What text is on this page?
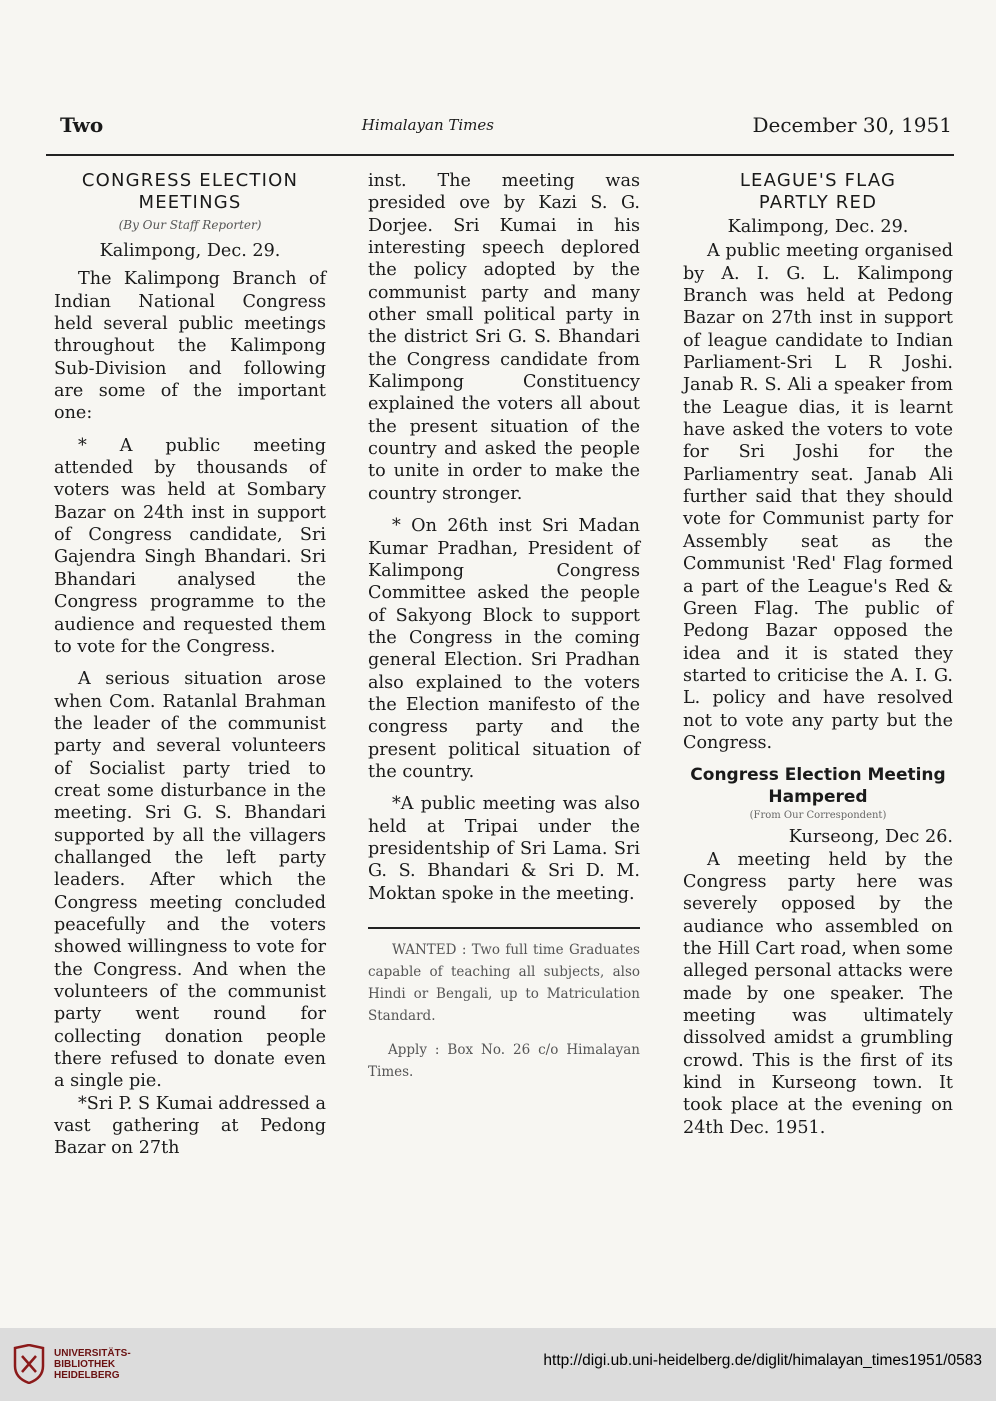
Two	Himalayan Times	December 30, 1951
CONGRESS ELECTION
MEETINGS
(By Our Staff Reporter)
Kalimpong, Dec. 29.

The Kalimpong Branch of Indian National Congress held several public meetings throughout the Kalimpong Sub-Division and following are some of the important one:

* A public meeting attended by thousands of voters was held at Sombary Bazar on 24th inst in support of Congress candidate, Sri Gajendra Singh Bhandari. Sri Bhandari analysed the Congress programme to the audience and requested them to vote for the Congress.

A serious situation arose when Com. Ratanlal Brahman the leader of the communist party and several volunteers of Socialist party tried to creat some disturbance in the meeting. Sri G. S. Bhandari supported by all the villagers challanged the left party leaders. After which the Congress meeting concluded peacefully and the voters showed willingness to vote for the Congress. And when the volunteers of the communist party went round for collecting donation people there refused to donate even a single pie.

*Sri P. S Kumai addressed a vast gathering at Pedong Bazar on 27th

inst. The meeting was presided ove by Kazi S. G. Dorjee. Sri Kumai in his interesting speech deplored the policy adopted by the communist party and many other small political party in the district Sri G. S. Bhandari the Congress candidate from Kalimpong Constituency explained the voters all about the present situation of the country and asked the people to unite in order to make the country stronger.

* On 26th inst Sri Madan Kumar Pradhan, President of Kalimpong Congress Committee asked the people of Sakyong Block to support the Congress in the coming general Election. Sri Pradhan also explained to the voters the Election manifesto of the congress party and the present political situation of the country.

*A public meeting was also held at Tripai under the presidentship of Sri Lama. Sri G. S. Bhandari & Sri D. M. Moktan spoke in the meeting.

WANTED : Two full time Graduates capable of teaching all subjects, also Hindi or Bengali, up to Matriculation Standard.

Apply : Box No. 26 c/o Himalayan Times.

LEAGUE'S FLAG
PARTLY RED
Kalimpong, Dec. 29.

A public meeting organised by A. I. G. L. Kalimpong Branch was held at Pedong Bazar on 27th inst in support of league candidate to Indian Parliament-Sri L R Joshi. Janab R. S. Ali a speaker from the League dias, it is learnt have asked the voters to vote for Sri Joshi for the Parliamentry seat. Janab Ali further said that they should vote for Communist party for Assembly seat as the Communist 'Red' Flag formed a part of the League's Red & Green Flag. The public of Pedong Bazar opposed the idea and it is stated they started to criticise the A. I. G. L. policy and have resolved not to vote any party but the Congress.

Congress Election Meeting
Hampered
(From Our Correspondent)
Kurseong, Dec 26.

A meeting held by the Congress party here was severely opposed by the audiance who assembled on the Hill Cart road, when some alleged personal attacks were made by one speaker. The meeting was ultimately dissolved amidst a grumbling crowd. This is the first of its kind in Kurseong town. It took place at the evening on 24th Dec. 1951.

UNIVERSITÄTS-
BIBLIOTHEK
HEIDELBERG
http://digi.ub.uni-heidelberg.de/diglit/himalayan_times1951/0583
